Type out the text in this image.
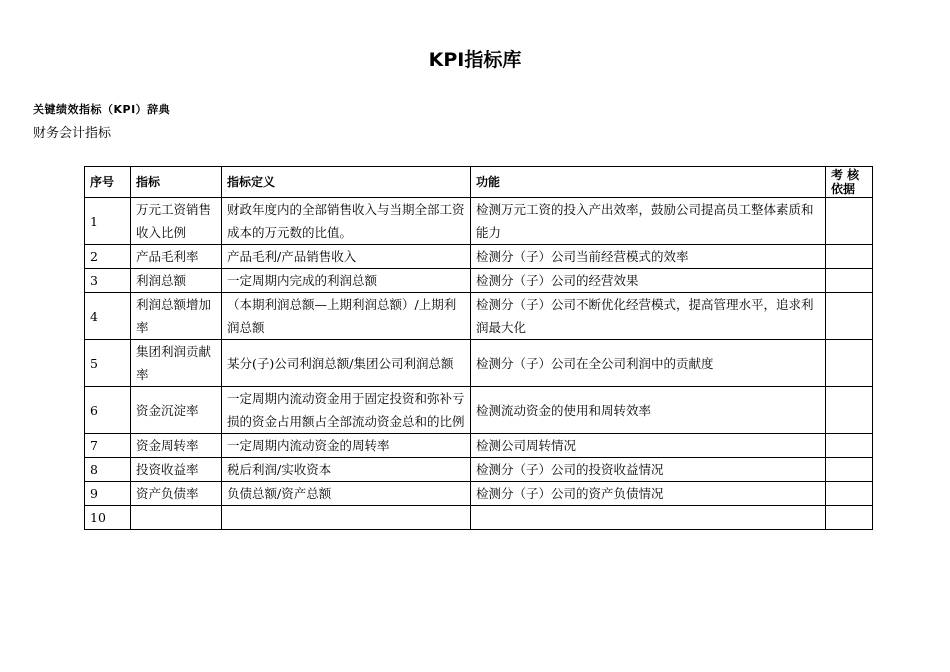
KPI指标库
关键绩效指标（KPI）辞典
财务会计指标
序号	指标	指标定义	功能	考 核 依据
1	万元工资销售收入比例	财政年度内的全部销售收入与当期全部工资成本的万元数的比值。	检测万元工资的投入产出效率，鼓励公司提高员工整体素质和能力	
2	产品毛利率	产品毛利/产品销售收入	检测分（子）公司当前经营模式的效率	
3	利润总额	一定周期内完成的利润总额	检测分（子）公司的经营效果	
4	利润总额增加率	（本期利润总额—上期利润总额）/上期利润总额	检测分（子）公司不断优化经营模式，提高管理水平，追求利润最大化	
5	集团利润贡献率	某分(子)公司利润总额/集团公司利润总额	检测分（子）公司在全公司利润中的贡献度	
6	资金沉淀率	一定周期内流动资金用于固定投资和弥补亏损的资金占用额占全部流动资金总和的比例	检测流动资金的使用和周转效率	
7	资金周转率	一定周期内流动资金的周转率	检测公司周转情况	
8	投资收益率	税后利润/实收资本	检测分（子）公司的投资收益情况	
9	资产负债率	负债总额/资产总额	检测分（子）公司的资产负债情况	
10				
